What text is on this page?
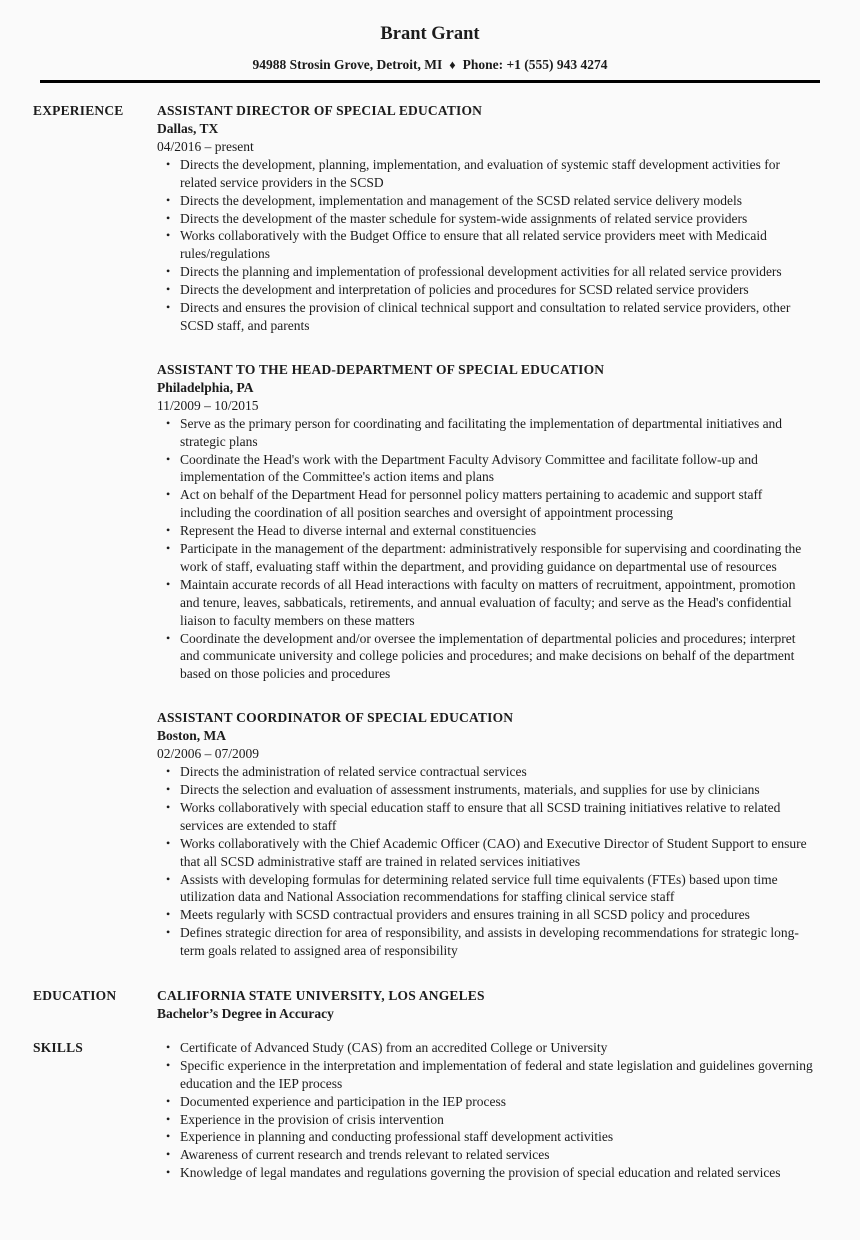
Brant Grant

94988 Strosin Grove, Detroit, MI ♦ Phone: +1 (555) 943 4274

EXPERIENCE	ASSISTANT DIRECTOR OF SPECIAL EDUCATION
Dallas, TX
04/2016 – present
• Directs the development, planning, implementation, and evaluation of systemic staff development activities for related service providers in the SCSD
• Directs the development, implementation and management of the SCSD related service delivery models
• Directs the development of the master schedule for system-wide assignments of related service providers
• Works collaboratively with the Budget Office to ensure that all related service providers meet with Medicaid rules/regulations
• Directs the planning and implementation of professional development activities for all related service providers
• Directs the development and interpretation of policies and procedures for SCSD related service providers
• Directs and ensures the provision of clinical technical support and consultation to related service providers, other SCSD staff, and parents
ASSISTANT TO THE HEAD-DEPARTMENT OF SPECIAL EDUCATION
Philadelphia, PA
11/2009 – 10/2015
• Serve as the primary person for coordinating and facilitating the implementation of departmental initiatives and strategic plans
• Coordinate the Head's work with the Department Faculty Advisory Committee and facilitate follow-up and implementation of the Committee's action items and plans
• Act on behalf of the Department Head for personnel policy matters pertaining to academic and support staff including the coordination of all position searches and oversight of appointment processing
• Represent the Head to diverse internal and external constituencies
• Participate in the management of the department: administratively responsible for supervising and coordinating the work of staff, evaluating staff within the department, and providing guidance on departmental use of resources
• Maintain accurate records of all Head interactions with faculty on matters of recruitment, appointment, promotion and tenure, leaves, sabbaticals, retirements, and annual evaluation of faculty; and serve as the Head's confidential liaison to faculty members on these matters
• Coordinate the development and/or oversee the implementation of departmental policies and procedures; interpret and communicate university and college policies and procedures; and make decisions on behalf of the department based on those policies and procedures
ASSISTANT COORDINATOR OF SPECIAL EDUCATION
Boston, MA
02/2006 – 07/2009
• Directs the administration of related service contractual services
• Directs the selection and evaluation of assessment instruments, materials, and supplies for use by clinicians
• Works collaboratively with special education staff to ensure that all SCSD training initiatives relative to related services are extended to staff
• Works collaboratively with the Chief Academic Officer (CAO) and Executive Director of Student Support to ensure that all SCSD administrative staff are trained in related services initiatives
• Assists with developing formulas for determining related service full time equivalents (FTEs) based upon time utilization data and National Association recommendations for staffing clinical service staff
• Meets regularly with SCSD contractual providers and ensures training in all SCSD policy and procedures
• Defines strategic direction for area of responsibility, and assists in developing recommendations for strategic long-term goals related to assigned area of responsibility
EDUCATION	CALIFORNIA STATE UNIVERSITY, LOS ANGELES
Bachelor’s Degree in Accuracy
SKILLS	• Certificate of Advanced Study (CAS) from an accredited College or University
• Specific experience in the interpretation and implementation of federal and state legislation and guidelines governing education and the IEP process
• Documented experience and participation in the IEP process
• Experience in the provision of crisis intervention
• Experience in planning and conducting professional staff development activities
• Awareness of current research and trends relevant to related services
• Knowledge of legal mandates and regulations governing the provision of special education and related services
